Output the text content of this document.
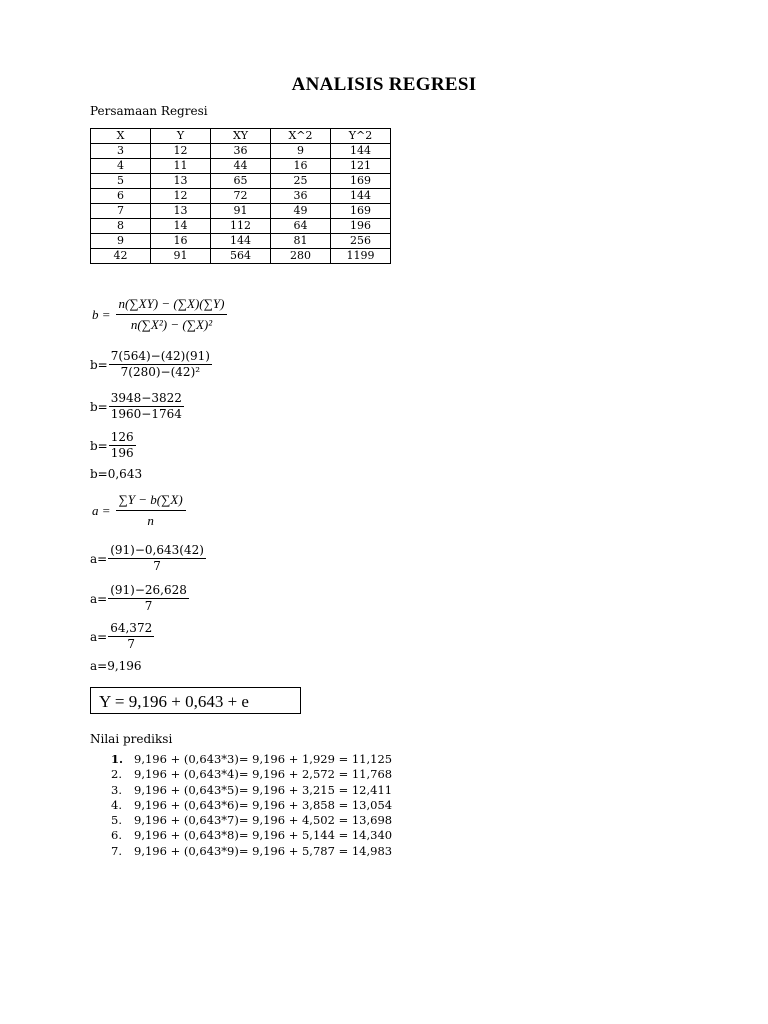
ANALISIS REGRESI
Persamaan Regresi
X	Y	XY	X^2	Y^2
3	12	36	9	144
4	11	44	16	121
5	13	65	25	169
6	12	72	36	144
7	13	91	49	169
8	14	112	64	196
9	16	144	81	256
42	91	564	280	1199
$b = \frac{n(\sum XY) - (\sum X)(\sum Y)}{\text{n(∑X²) − (∑X)²}}$
$b= \frac{7(564)-(42)(91)}{\text{7(280)−(42)²}}$
$b= \frac{3948-3822}{1960-1764}$
$b= \frac{126}{196}$
b=0,643
$a = \frac{\sum Y - b(\sum X)}{n}$
$a= \frac{(91)-0,643(42)}{7}$
$a= \frac{(91)-26,628}{7}$
$a= \frac{64,372}{7}$
a=9,196
Y = 9,196 + 0,643 + e
Nilai prediksi
1. 9,196 + (0,643*3)= 9,196 + 1,929 = 11,125
2. 9,196 + (0,643*4)= 9,196 + 2,572 = 11,768
3. 9,196 + (0,643*5)= 9,196 + 3,215 = 12,411
4. 9,196 + (0,643*6)= 9,196 + 3,858 = 13,054
5. 9,196 + (0,643*7)= 9,196 + 4,502 = 13,698
6. 9,196 + (0,643*8)= 9,196 + 5,144 = 14,340
7. 9,196 + (0,643*9)= 9,196 + 5,787 = 14,983
